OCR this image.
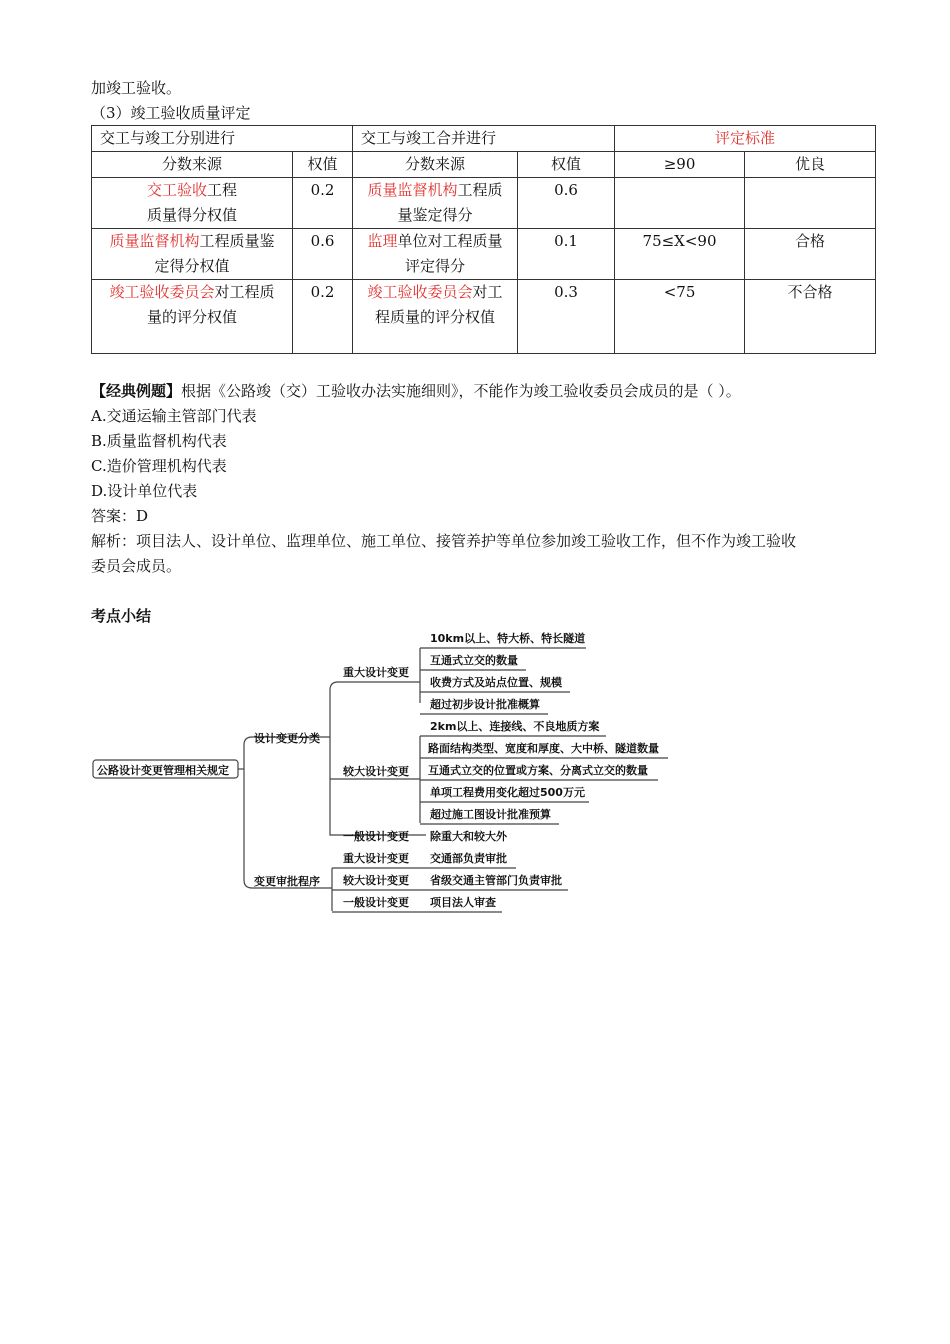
加竣工验收。
（3）竣工验收质量评定
交工与竣工分别进行		交工与竣工合并进行		评定标准	
分数来源	权值	分数来源	权值	≥90	优良
交工验收工程质量得分权值	0.2	质量监督机构工程质量鉴定得分	0.6		
质量监督机构工程质量鉴定得分权值	0.6	监理单位对工程质量评定得分	0.1	75≤X<90	合格
竣工验收委员会对工程质量的评分权值	0.2	竣工验收委员会对工程质量的评分权值	0.3	<75	不合格
【经典例题】根据《公路竣（交）工验收办法实施细则》，不能作为竣工验收委员会成员的是（ ）。
A.交通运输主管部门代表
B.质量监督机构代表
C.造价管理机构代表
D.设计单位代表
答案：D
解析：项目法人、设计单位、监理单位、施工单位、接管养护等单位参加竣工验收工作，但不作为竣工验收
委员会成员。
考点小结
公路设计变更管理相关规定
设计变更分类
变更审批程序
重大设计变更
10km以上、特大桥、特长隧道
互通式立交的数量
收费方式及站点位置、规模
超过初步设计批准概算
较大设计变更
2km以上、连接线、不良地质方案
路面结构类型、宽度和厚度、大中桥、隧道数量
互通式立交的位置或方案、分离式立交的数量
单项工程费用变化超过500万元
超过施工图设计批准预算
一般设计变更 除重大和较大外
重大设计变更 交通部负责审批
较大设计变更 省级交通主管部门负责审批
一般设计变更 项目法人审查
